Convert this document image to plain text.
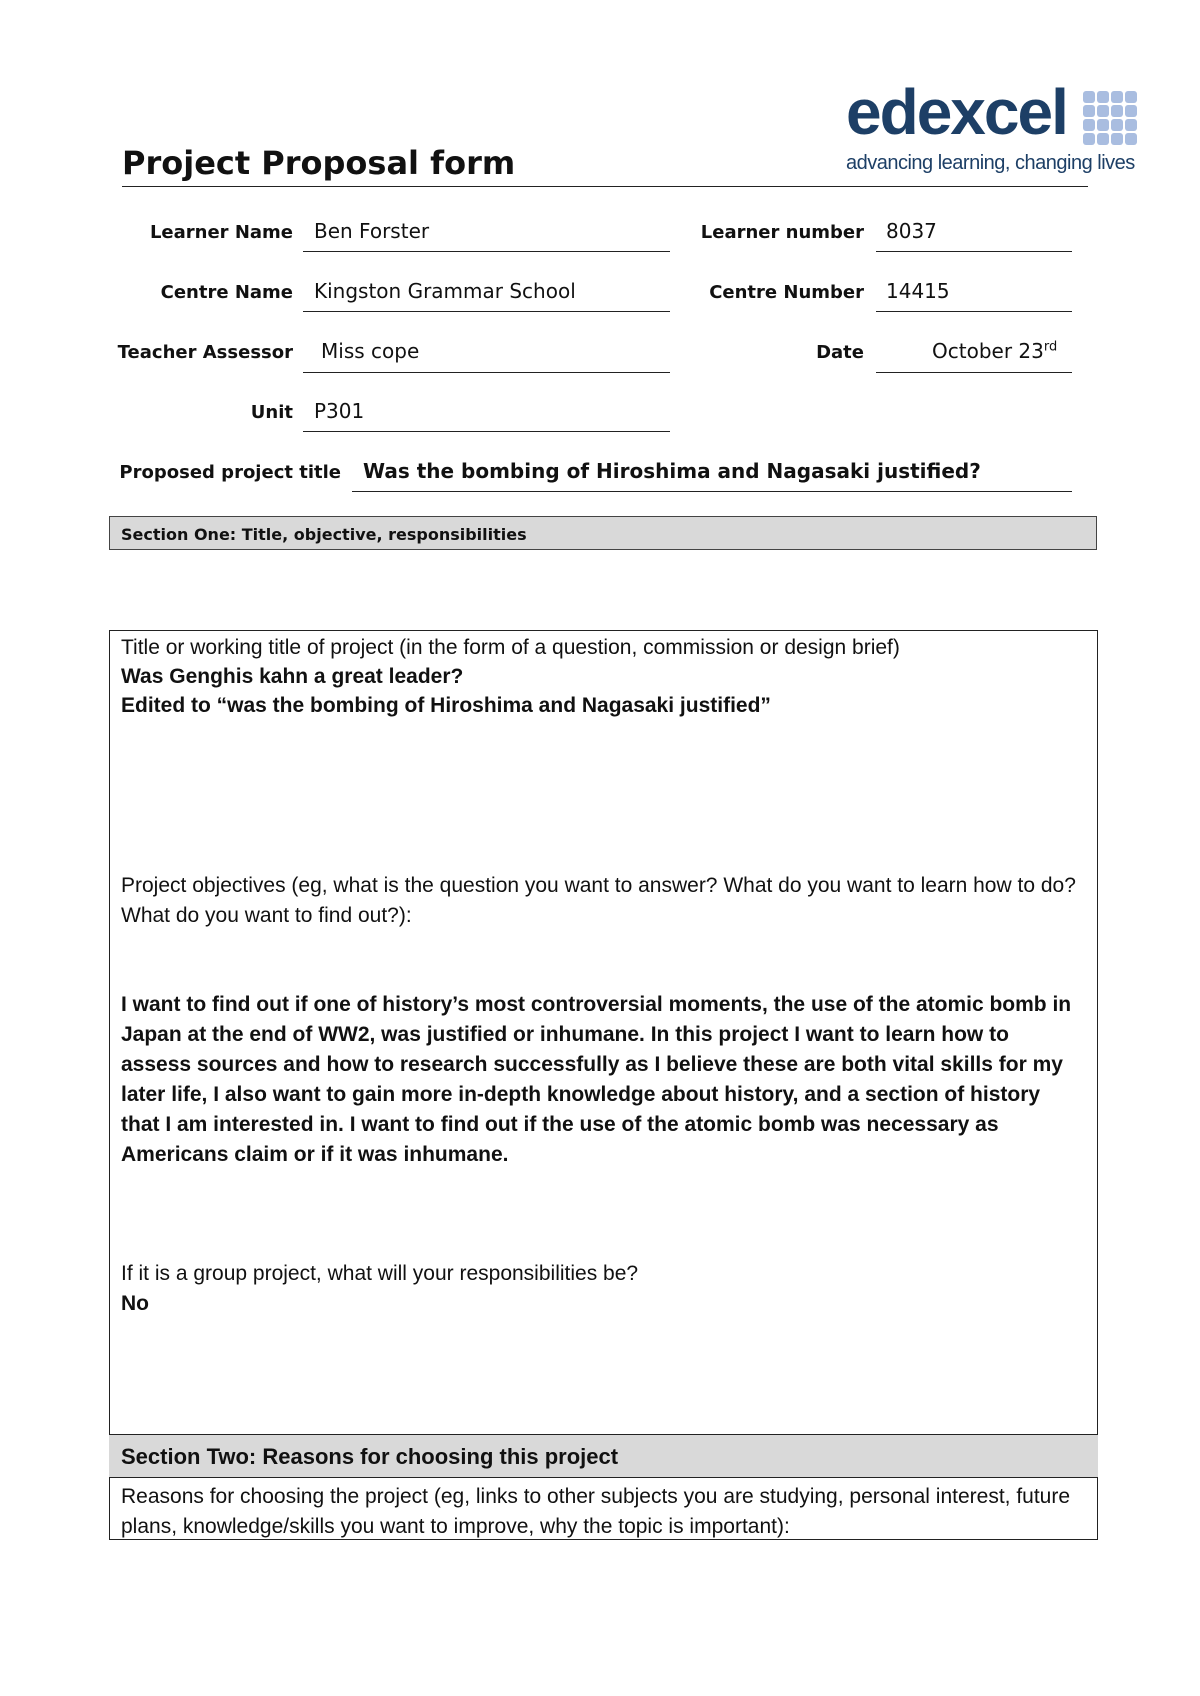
edexcel
advancing learning, changing lives
Project Proposal form
Learner Name Ben Forster	Learner number 8037
Centre Name Kingston Grammar School	Centre Number 14415
Teacher Assessor Miss cope	Date	October 23rd
Unit P301
Proposed project title Was the bombing of Hiroshima and Nagasaki justified?
Section One: Title, objective, responsibilities
Title or working title of project (in the form of a question, commission or design brief)
Was Genghis kahn a great leader?
Edited to “was the bombing of Hiroshima and Nagasaki justified”
Project objectives (eg, what is the question you want to answer? What do you want to learn how to do? What do you want to find out?):
I want to find out if one of history’s most controversial moments, the use of the atomic bomb in Japan at the end of WW2, was justified or inhumane. In this project I want to learn how to assess sources and how to research successfully as I believe these are both vital skills for my later life, I also want to gain more in-depth knowledge about history, and a section of history that I am interested in. I want to find out if the use of the atomic bomb was necessary as Americans claim or if it was inhumane.
If it is a group project, what will your responsibilities be?
No
Section Two: Reasons for choosing this project
Reasons for choosing the project (eg, links to other subjects you are studying, personal interest, future plans, knowledge/skills you want to improve, why the topic is important):
